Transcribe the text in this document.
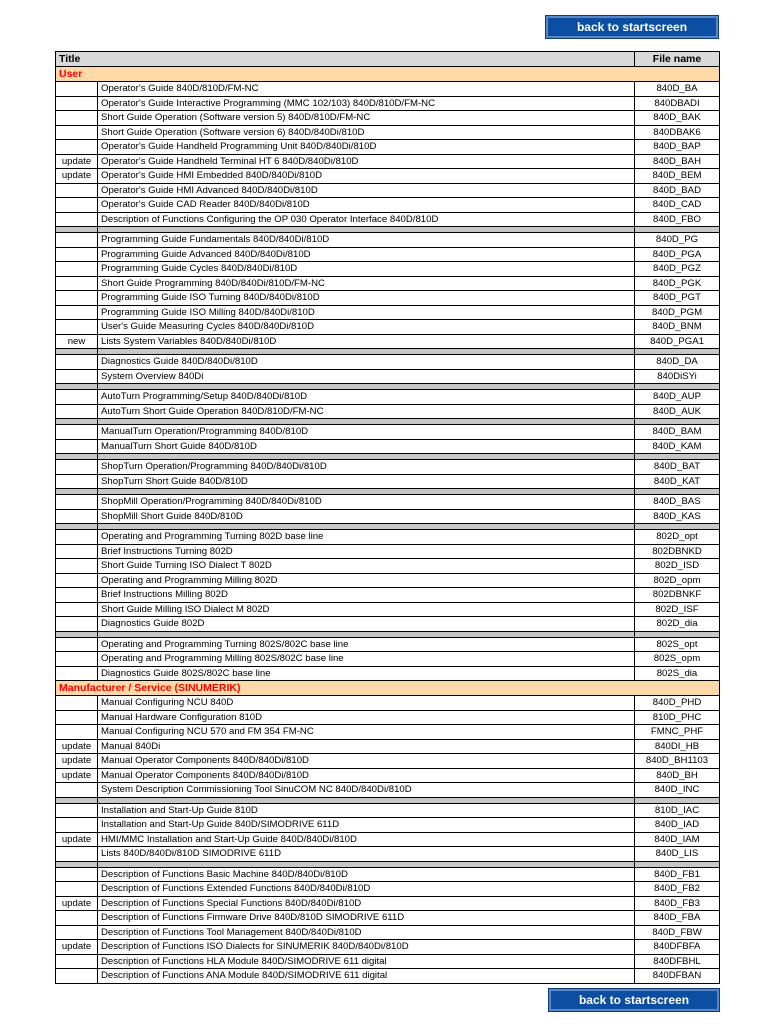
back to startscreen
Title		File name
User		
	Operator's Guide 840D/810D/FM-NC	840D_BA
	Operator's Guide Interactive Programming (MMC 102/103) 840D/810D/FM-NC	840DBADI
	Short Guide Operation (Software version 5) 840D/810D/FM-NC	840D_BAK
	Short Guide Operation (Software version 6) 840D/840Di/810D	840DBAK6
	Operator's Guide Handheld Programming Unit 840D/840Di/810D	840D_BAP
update	Operator's Guide Handheld Terminal HT 6 840D/840Di/810D	840D_BAH
update	Operator's Guide HMI Embedded 840D/840Di/810D	840D_BEM
	Operator's Guide HMI Advanced 840D/840Di/810D	840D_BAD
	Operator's Guide CAD Reader 840D/840Di/810D	840D_CAD
	Description of Functions Configuring the OP 030 Operator Interface 840D/810D	840D_FBO

	Programming Guide Fundamentals 840D/840Di/810D	840D_PG
	Programming Guide Advanced 840D/840Di/810D	840D_PGA
	Programming Guide Cycles 840D/840Di/810D	840D_PGZ
	Short Guide Programming 840D/840Di/810D/FM-NC	840D_PGK
	Programming Guide ISO Turning 840D/840Di/810D	840D_PGT
	Programming Guide ISO Milling 840D/840Di/810D	840D_PGM
	User's Guide Measuring Cycles 840D/840Di/810D	840D_BNM
new	Lists System Variables 840D/840Di/810D	840D_PGA1

	Diagnostics Guide 840D/840Di/810D	840D_DA
	System Overview 840Di	840DiSYi

	AutoTurn Programming/Setup 840D/840Di/810D	840D_AUP
	AutoTurn Short Guide Operation 840D/810D/FM-NC	840D_AUK

	ManualTurn Operation/Programming 840D/810D	840D_BAM
	ManualTurn Short Guide 840D/810D	840D_KAM

	ShopTurn Operation/Programming 840D/840Di/810D	840D_BAT
	ShopTurn Short Guide 840D/810D	840D_KAT

	ShopMill Operation/Programming 840D/840Di/810D	840D_BAS
	ShopMill Short Guide 840D/810D	840D_KAS

	Operating and Programming Turning 802D base line	802D_opt
	Brief Instructions Turning 802D	802DBNKD
	Short Guide Turning ISO Dialect T 802D	802D_ISD
	Operating and Programming Milling 802D	802D_opm
	Brief Instructions Milling 802D	802DBNKF
	Short Guide Milling ISO Dialect M 802D	802D_ISF
	Diagnostics Guide 802D	802D_dia

	Operating and Programming Turning 802S/802C base line	802S_opt
	Operating and Programming Milling 802S/802C base line	802S_opm
	Diagnostics Guide 802S/802C base line	802S_dia
Manufacturer / Service (SINUMERIK)		
	Manual Configuring NCU 840D	840D_PHD
	Manual Hardware Configuration 810D	810D_PHC
	Manual Configuring NCU 570 and FM 354 FM-NC	FMNC_PHF
update	Manual 840Di	840DI_HB
update	Manual Operator Components 840D/840Di/810D	840D_BH1103
update	Manual Operator Components 840D/840Di/810D	840D_BH
	System Description Commissioning Tool SinuCOM NC 840D/840Di/810D	840D_INC

	Installation and Start-Up Guide 810D	810D_IAC
	Installation and Start-Up Guide 840D/SIMODRIVE 611D	840D_IAD
update	HMI/MMC Installation and Start-Up Guide 840D/840Di/810D	840D_IAM
	Lists 840D/840Di/810D SIMODRIVE 611D	840D_LIS

	Description of Functions Basic Machine 840D/840Di/810D	840D_FB1
	Description of Functions Extended Functions 840D/840Di/810D	840D_FB2
update	Description of Functions Special Functions 840D/840Di/810D	840D_FB3
	Description of Functions Firmware Drive 840D/810D SIMODRIVE 611D	840D_FBA
	Description of Functions Tool Management 840D/840Di/810D	840D_FBW
update	Description of Functions ISO Dialects for SINUMERIK 840D/840Di/810D	840DFBFA
	Description of Functions HLA Module 840D/SIMODRIVE 611 digital	840DFBHL
	Description of Functions ANA Module 840D/SIMODRIVE 611 digital	840DFBAN
back to startscreen
